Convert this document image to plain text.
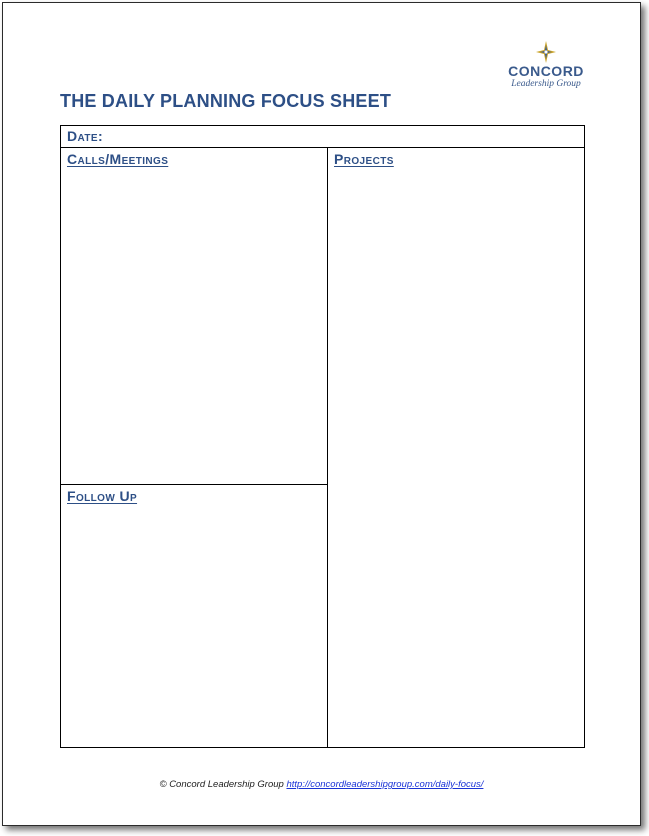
CONCORD
Leadership Group
THE DAILY PLANNING FOCUS SHEET
Date:
Calls/Meetings
Follow Up
Projects
© Concord Leadership Group http://concordleadershipgroup.com/daily-focus/
